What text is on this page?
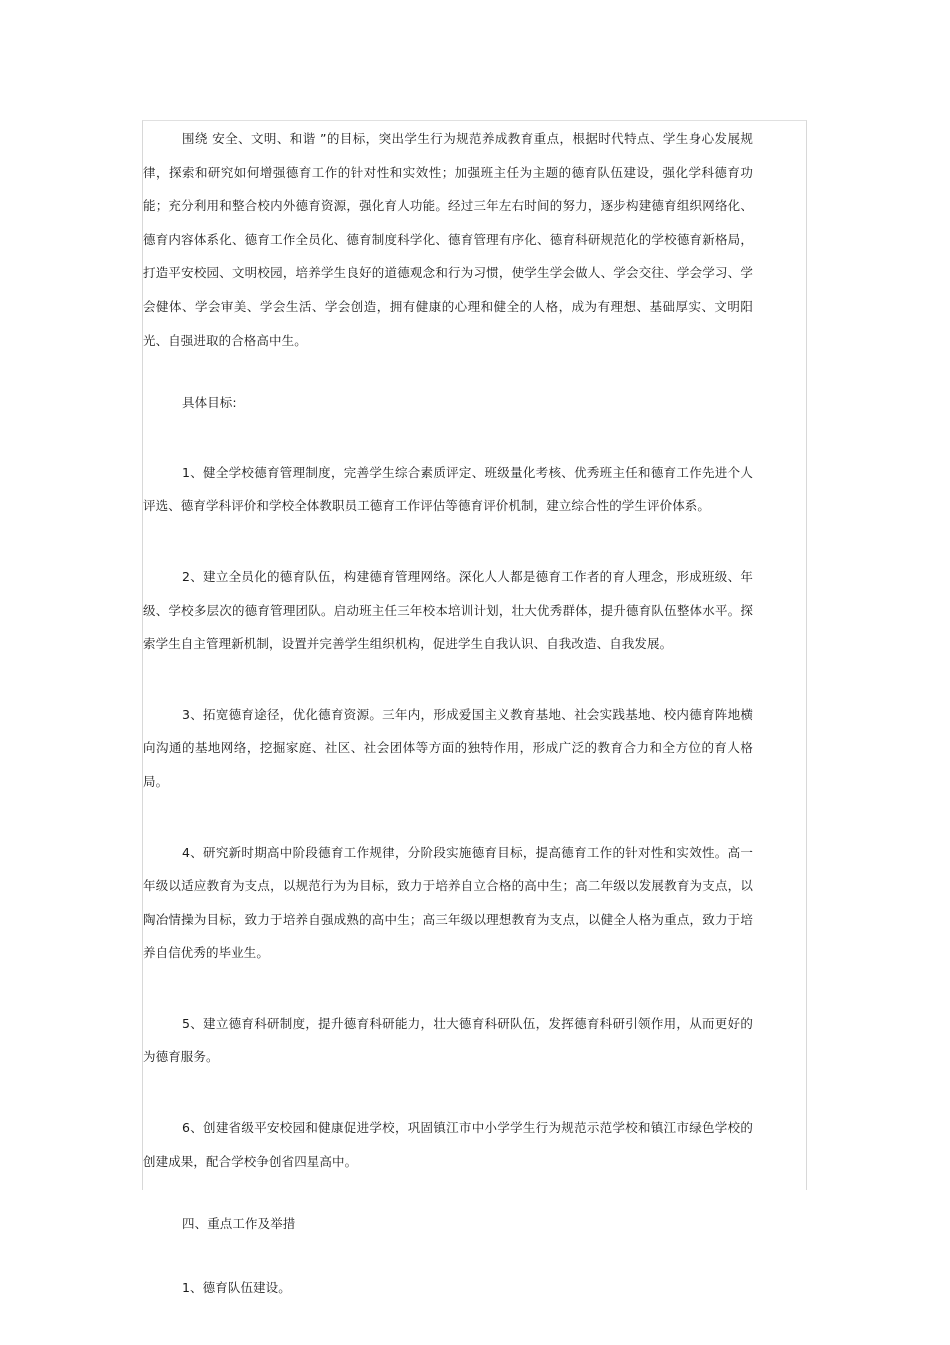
围绕 安全、文明、和谐 ”的目标，突出学生行为规范养成教育重点，根据时代特点、学生身心发展规律，探索和研究如何增强德育工作的针对性和实效性；加强班主任为主题的德育队伍建设，强化学科德育功能；充分利用和整合校内外德育资源，强化育人功能。经过三年左右时间的努力，逐步构建德育组织网络化、德育内容体系化、德育工作全员化、德育制度科学化、德育管理有序化、德育科研规范化的学校德育新格局，打造平安校园、文明校园，培养学生良好的道德观念和行为习惯，使学生学会做人、学会交往、学会学习、学会健体、学会审美、学会生活、学会创造，拥有健康的心理和健全的人格，成为有理想、基础厚实、文明阳光、自强进取的合格高中生。

具体目标:

1、健全学校德育管理制度，完善学生综合素质评定、班级量化考核、优秀班主任和德育工作先进个人评选、德育学科评价和学校全体教职员工德育工作评估等德育评价机制，建立综合性的学生评价体系。

2、建立全员化的德育队伍，构建德育管理网络。深化人人都是德育工作者的育人理念，形成班级、年级、学校多层次的德育管理团队。启动班主任三年校本培训计划，壮大优秀群体，提升德育队伍整体水平。探索学生自主管理新机制，设置并完善学生组织机构，促进学生自我认识、自我改造、自我发展。

3、拓宽德育途径，优化德育资源。三年内，形成爱国主义教育基地、社会实践基地、校内德育阵地横向沟通的基地网络，挖掘家庭、社区、社会团体等方面的独特作用，形成广泛的教育合力和全方位的育人格局。

4、研究新时期高中阶段德育工作规律，分阶段实施德育目标，提高德育工作的针对性和实效性。高一年级以适应教育为支点，以规范行为为目标，致力于培养自立合格的高中生；高二年级以发展教育为支点，以陶冶情操为目标，致力于培养自强成熟的高中生；高三年级以理想教育为支点，以健全人格为重点，致力于培养自信优秀的毕业生。

5、建立德育科研制度，提升德育科研能力，壮大德育科研队伍，发挥德育科研引领作用，从而更好的为德育服务。

6、创建省级平安校园和健康促进学校，巩固镇江市中小学学生行为规范示范学校和镇江市绿色学校的创建成果，配合学校争创省四星高中。

四、重点工作及举措

1、德育队伍建设。
